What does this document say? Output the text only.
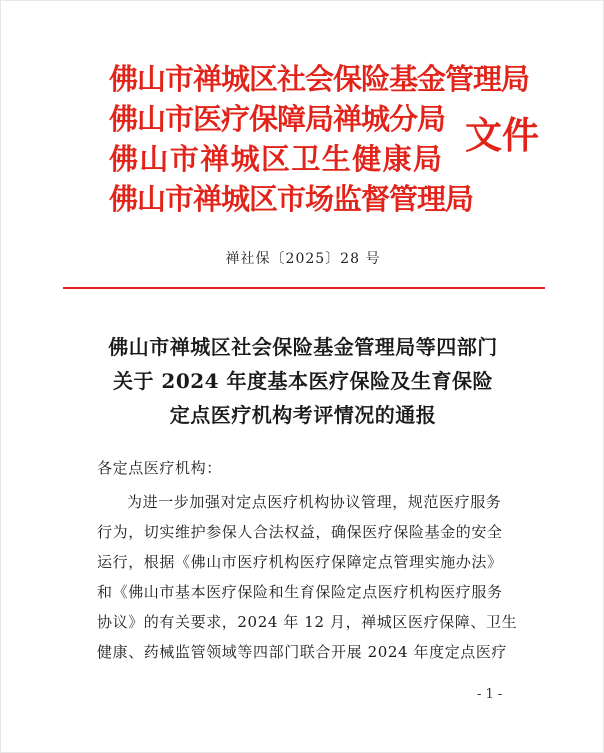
佛山市禅城区社会保险基金管理局
佛山市医疗保障局禅城分局
佛山市禅城区卫生健康局
佛山市禅城区市场监督管理局
文件
禅社保〔2025〕28 号
佛山市禅城区社会保险基金管理局等四部门
关于 2024 年度基本医疗保险及生育保险
定点医疗机构考评情况的通报
各定点医疗机构：
为进一步加强对定点医疗机构协议管理，规范医疗服务
行为，切实维护参保人合法权益，确保医疗保险基金的安全
运行，根据《佛山市医疗机构医疗保障定点管理实施办法》
和《佛山市基本医疗保险和生育保险定点医疗机构医疗服务
协议》的有关要求，2024 年 12 月，禅城区医疗保障、卫生
健康、药械监管领域等四部门联合开展 2024 年度定点医疗
- 1 -
